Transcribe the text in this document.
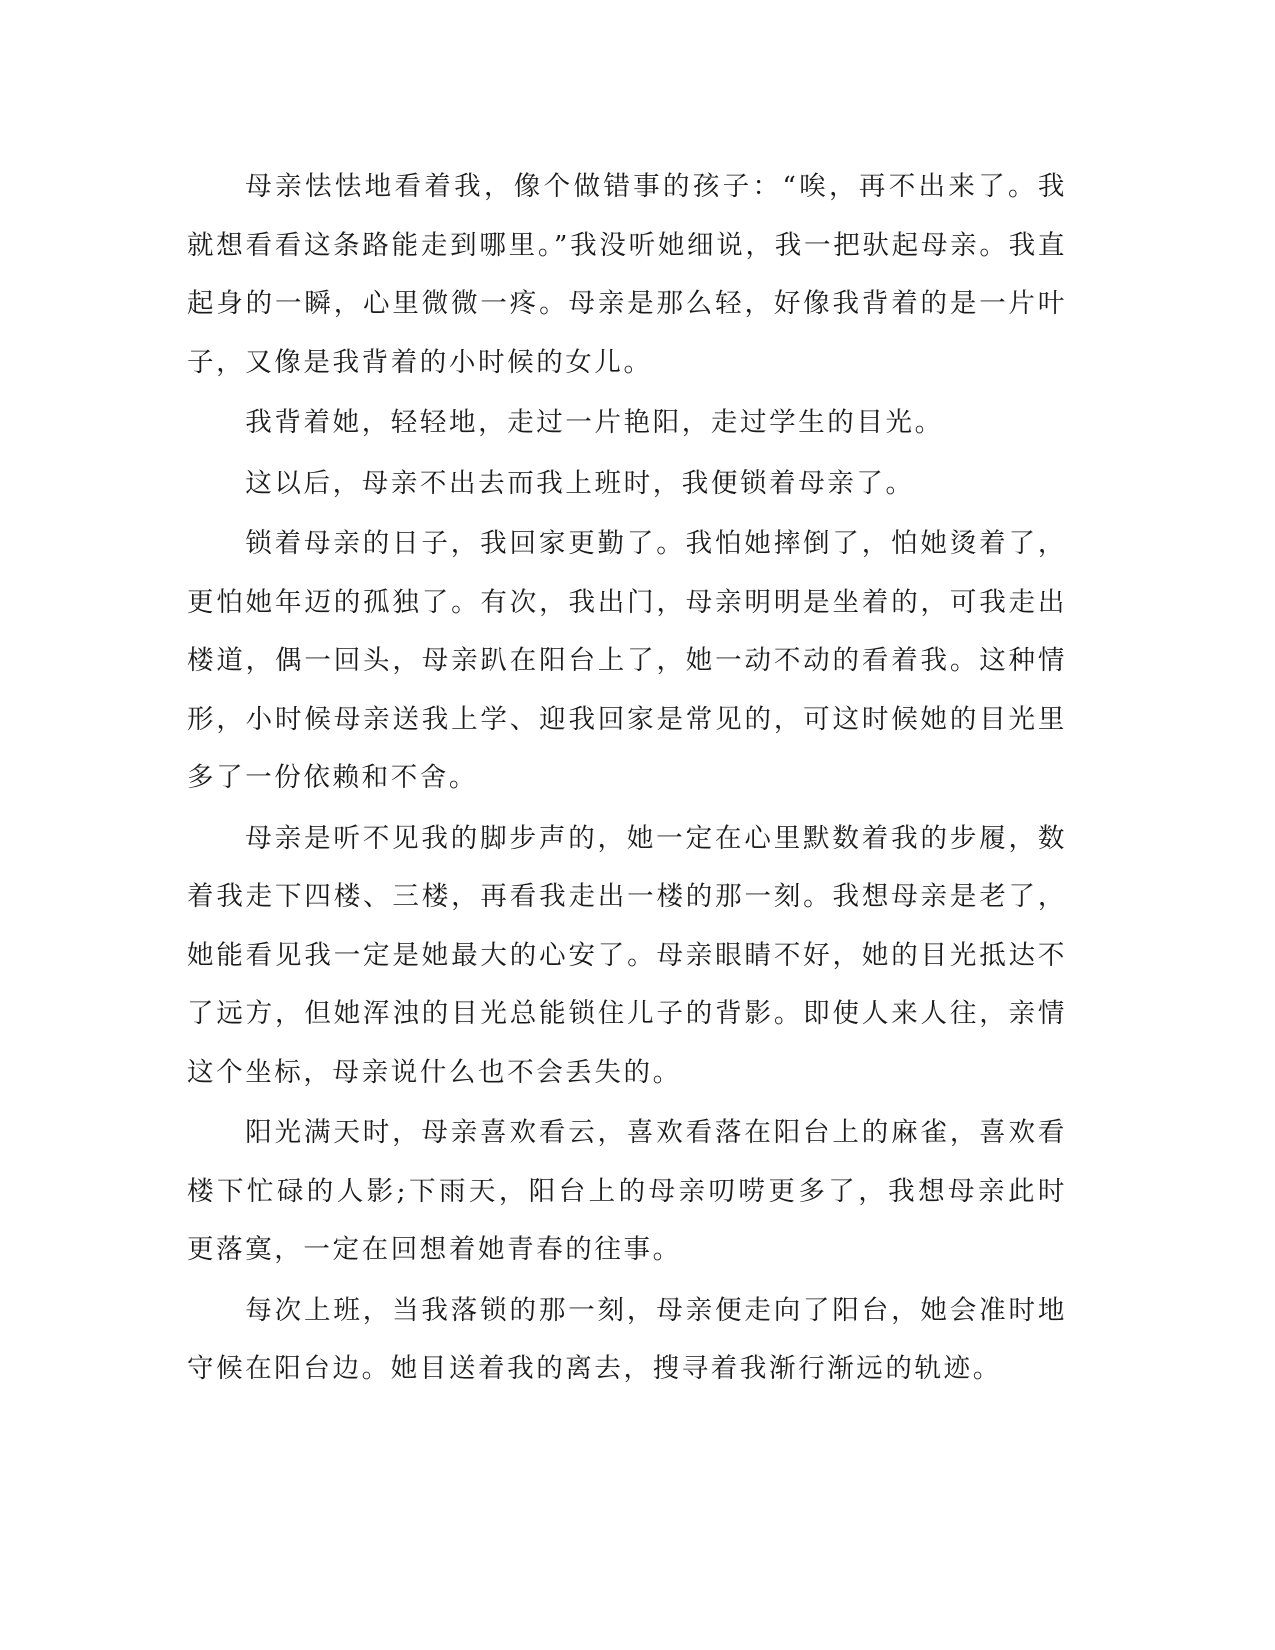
母亲怯怯地看着我，像个做错事的孩子：“唉，再不出来了。我就想看看这条路能走到哪里。”我没听她细说，我一把驮起母亲。我直起身的一瞬，心里微微一疼。母亲是那么轻，好像我背着的是一片叶子，又像是我背着的小时候的女儿。

我背着她，轻轻地，走过一片艳阳，走过学生的目光。

这以后，母亲不出去而我上班时，我便锁着母亲了。

锁着母亲的日子，我回家更勤了。我怕她摔倒了，怕她烫着了，更怕她年迈的孤独了。有次，我出门，母亲明明是坐着的，可我走出楼道，偶一回头，母亲趴在阳台上了，她一动不动的看着我。这种情形，小时候母亲送我上学、迎我回家是常见的，可这时候她的目光里多了一份依赖和不舍。

母亲是听不见我的脚步声的，她一定在心里默数着我的步履，数着我走下四楼、三楼，再看我走出一楼的那一刻。我想母亲是老了，她能看见我一定是她最大的心安了。母亲眼睛不好，她的目光抵达不了远方，但她浑浊的目光总能锁住儿子的背影。即使人来人往，亲情这个坐标，母亲说什么也不会丢失的。

阳光满天时，母亲喜欢看云，喜欢看落在阳台上的麻雀，喜欢看楼下忙碌的人影;下雨天，阳台上的母亲叨唠更多了，我想母亲此时更落寞，一定在回想着她青春的往事。

每次上班，当我落锁的那一刻，母亲便走向了阳台，她会准时地守候在阳台边。她目送着我的离去，搜寻着我渐行渐远的轨迹。
